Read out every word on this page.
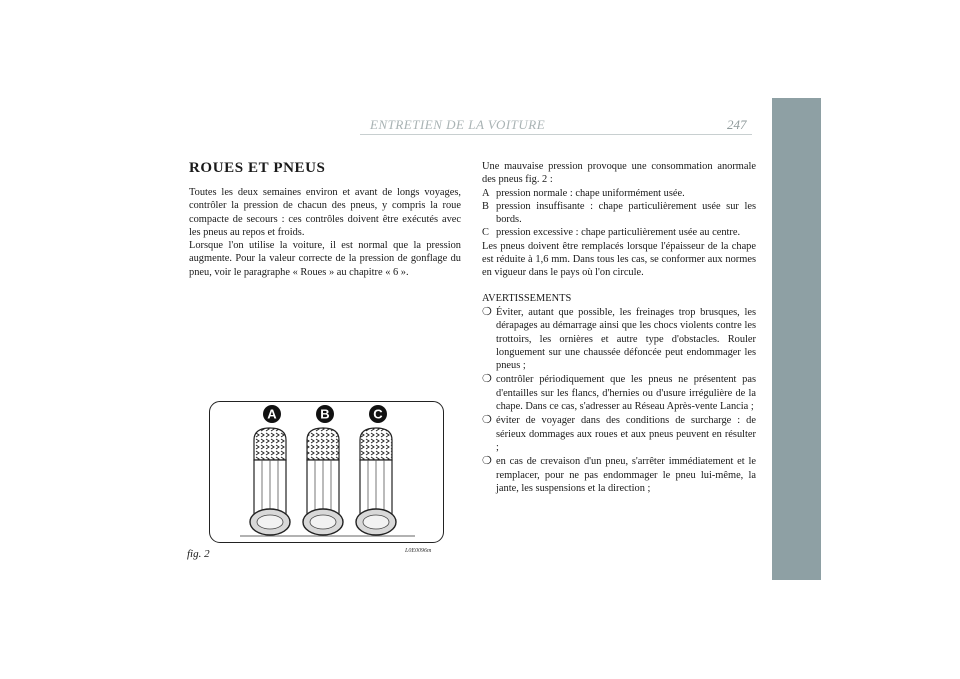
ENTRETIEN DE LA VOITURE	247
ROUES ET PNEUS

Toutes les deux semaines environ et avant de longs voyages, contrôler la pression de chacun des pneus, y compris la roue compacte de secours : ces contrôles doivent être exécutés avec les pneus au repos et froids.

Lorsque l'on utilise la voiture, il est normal que la pression augmente. Pour la valeur correcte de la pression de gonflage du pneu, voir le paragraphe « Roues » au chapitre « 6 ».

A	B	C
fig. 2	L0E0096m

Une mauvaise pression provoque une consommation anormale des pneus fig. 2 :

A pression normale : chape uniformément usée.
B pression insuffisante : chape particulièrement usée sur les bords.
C pression excessive : chape particulièrement usée au centre.

Les pneus doivent être remplacés lorsque l'épaisseur de la chape est réduite à 1,6 mm. Dans tous les cas, se conformer aux normes en vigueur dans le pays où l'on circule.

AVERTISSEMENTS

❍ Éviter, autant que possible, les freinages trop brusques, les dérapages au démarrage ainsi que les chocs violents contre les trottoirs, les ornières et autre type d'obstacles. Rouler longuement sur une chaussée défoncée peut endommager les pneus ;
❍ contrôler périodiquement que les pneus ne présentent pas d'entailles sur les flancs, d'hernies ou d'usure irrégulière de la chape. Dans ce cas, s'adresser au Réseau Après-vente Lancia ;
❍ éviter de voyager dans des conditions de surcharge : de sérieux dommages aux roues et aux pneus peuvent en résulter ;
❍ en cas de crevaison d'un pneu, s'arrêter immédiatement et le remplacer, pour ne pas endommager le pneu lui-même, la jante, les suspensions et la direction ;
